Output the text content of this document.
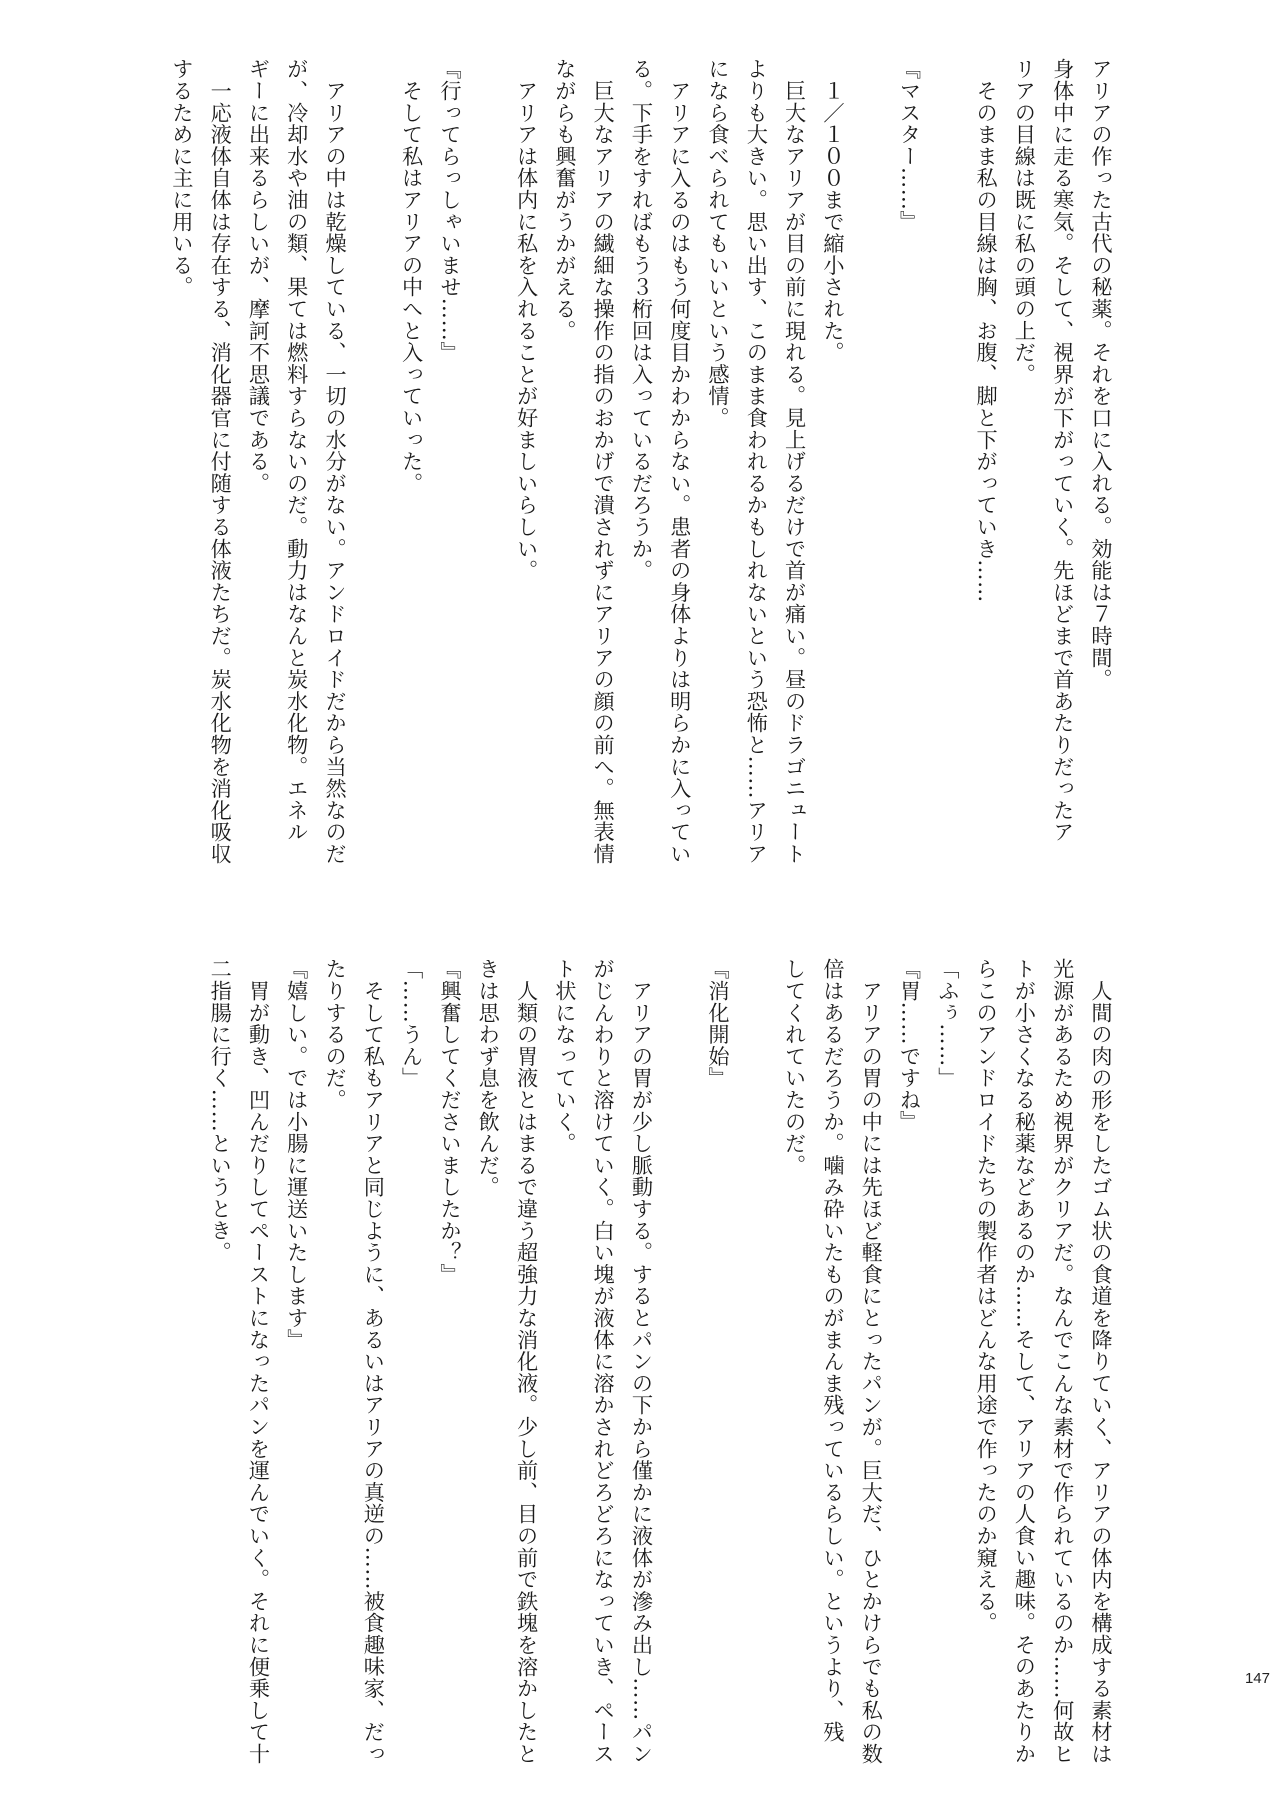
アリアの作った古代の秘薬。それを口に入れる。効能は７時間。
身体中に走る寒気。そして、視界が下がっていく。先ほどまで首あたりだったア
リアの目線は既に私の頭の上だ。
　そのまま私の目線は胸、お腹、脚と下がっていき……
『マスター……』
　１／１００まで縮小された。
　巨大なアリアが目の前に現れる。見上げるだけで首が痛い。昼のドラゴニュート
よりも大きい。思い出す、このまま食われるかもしれないという恐怖と……アリア
になら食べられてもいいという感情。
　アリアに入るのはもう何度目かわからない。患者の身体よりは明らかに入ってい
る。下手をすればもう３桁回は入っているだろうか。
　巨大なアリアの繊細な操作の指のおかげで潰されずにアリアの顔の前へ。無表情
ながらも興奮がうかがえる。
　アリアは体内に私を入れることが好ましいらしい。
『行ってらっしゃいませ……』
　そして私はアリアの中へと入っていった。
　アリアの中は乾燥している、一切の水分がない。アンドロイドだから当然なのだ
が、冷却水や油の類、果ては燃料すらないのだ。動力はなんと炭水化物。エネル
ギーに出来るらしいが、摩訶不思議である。
　一応液体自体は存在する、消化器官に付随する体液たちだ。炭水化物を消化吸収
するために主に用いる。
　人間の肉の形をしたゴム状の食道を降りていく、アリアの体内を構成する素材は
光源があるため視界がクリアだ。なんでこんな素材で作られているのか……何故ヒ
トが小さくなる秘薬などあるのか……そして、アリアの人食い趣味。そのあたりか
らこのアンドロイドたちの製作者はどんな用途で作ったのか窺える。
「ふぅ……」
『胃……ですね』
　アリアの胃の中には先ほど軽食にとったパンが。巨大だ、ひとかけらでも私の数
倍はあるだろうか。噛み砕いたものがまんま残っているらしい。というより、残
してくれていたのだ。
『消化開始』
　アリアの胃が少し脈動する。するとパンの下から僅かに液体が滲み出し……パン
がじんわりと溶けていく。白い塊が液体に溶かされどろどろになっていき、ペース
ト状になっていく。
　人類の胃液とはまるで違う超強力な消化液。少し前、目の前で鉄塊を溶かしたと
きは思わず息を飲んだ。
『興奮してくださいましたか？』
「……うん」
　そして私もアリアと同じように、あるいはアリアの真逆の……被食趣味家、だっ
たりするのだ。
『嬉しい。では小腸に運送いたします』
　胃が動き、凹んだりしてペーストになったパンを運んでいく。それに便乗して十
二指腸に行く……というとき。
147
